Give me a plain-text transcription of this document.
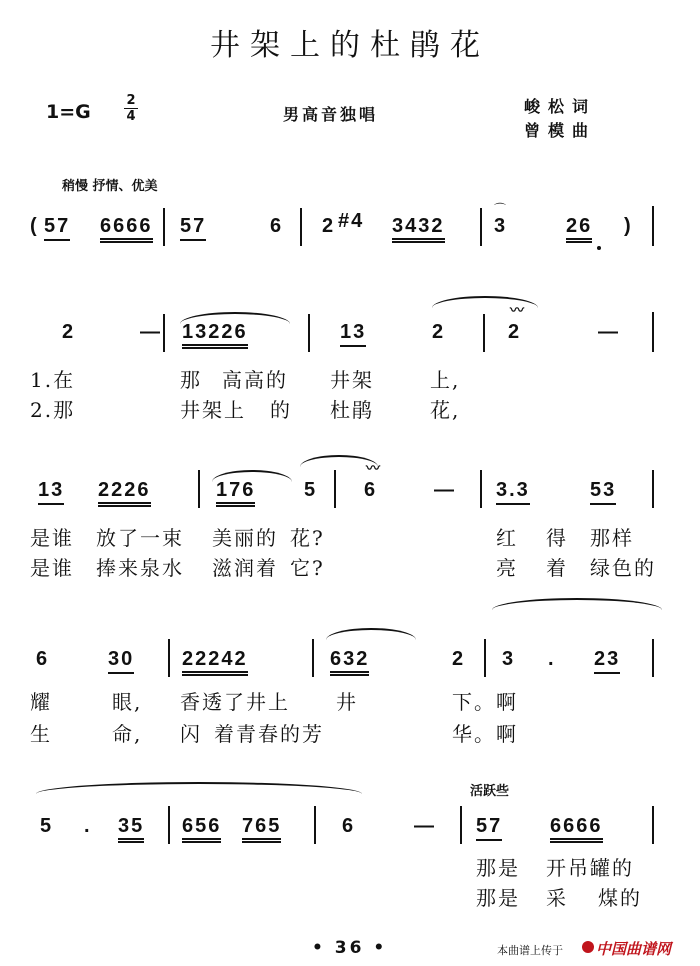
井架上的杜鹃花
1=G
2
4	男高音独唱	峻松词
曾模曲
稍慢 抒情、优美
( 57 6666 57	6 2 #4 3432 3
⌒
26 )
2	— 13226	13	2	2
〰
—
1.在	那 高高的 井架	上,
2.那	井架上 的 杜鹃	花,
13 2226	176 5 6
〰
— 3.3	53
是谁 放了一束 美丽的 花?	红 得 那样
是谁 捧来泉水 滋润着 它?	亮 着 绿色的
6	30 22242	632	2 3 . 23
耀	眼, 香透了井上 井	下。啊
生	命, 闪 着青春的芳	华。啊
活跃些
5 . 35 656 765	6	— 57 6666
那是 开吊罐的
那是 采 煤的
• 36 •	本曲谱上传于 中国曲谱网
